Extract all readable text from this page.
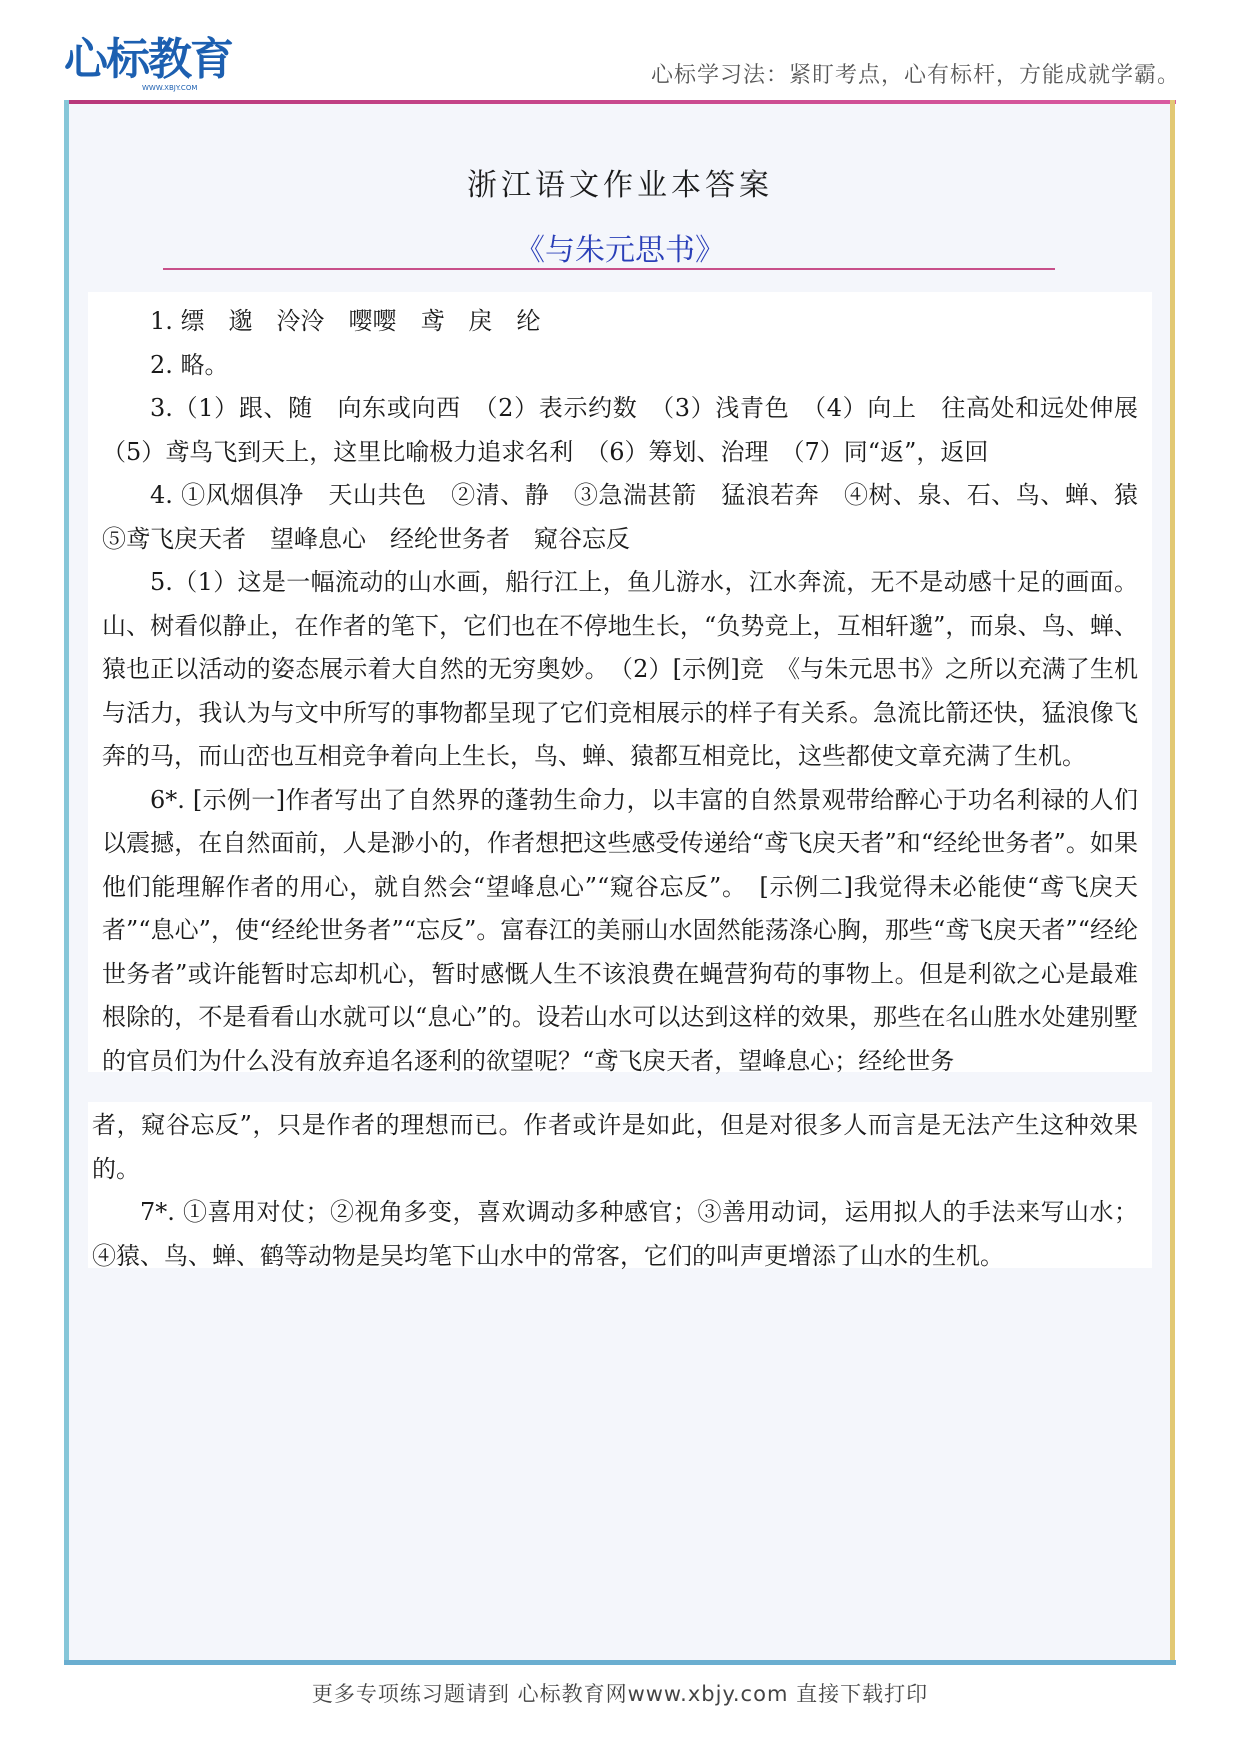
心标教育
WWW.XBJY.COM	心标学习法：紧盯考点，心有标杆，方能成就学霸。
浙江语文作业本答案
《与朱元思书》

1. 缥　邈　泠泠　嘤嘤　鸢　戾　纶

2. 略。

3.（1）跟、随　向东或向西　（2）表示约数　（3）浅青色　（4）向上　往高处和远处伸展　（5）鸢鸟飞到天上，这里比喻极力追求名利　（6）筹划、治理　（7）同“返”，返回

4. ①风烟俱净　天山共色　②清、静　③急湍甚箭　猛浪若奔　④树、泉、石、鸟、蝉、猿　⑤鸢飞戾天者　望峰息心　经纶世务者　窥谷忘反

5.（1）这是一幅流动的山水画，船行江上，鱼儿游水，江水奔流，无不是动感十足的画面。山、树看似静止，在作者的笔下，它们也在不停地生长，“负势竞上，互相轩邈”，而泉、鸟、蝉、猿也正以活动的姿态展示着大自然的无穷奥妙。　（2）[示例]竞　《与朱元思书》之所以充满了生机与活力，我认为与文中所写的事物都呈现了它们竞相展示的样子有关系。急流比箭还快，猛浪像飞奔的马，而山峦也互相竞争着向上生长，鸟、蝉、猿都互相竞比，这些都使文章充满了生机。

6*. [示例一]作者写出了自然界的蓬勃生命力，以丰富的自然景观带给醉心于功名利禄的人们以震撼，在自然面前，人是渺小的，作者想把这些感受传递给“鸢飞戾天者”和“经纶世务者”。如果他们能理解作者的用心，就自然会“望峰息心”“窥谷忘反”。　[示例二]我觉得未必能使“鸢飞戾天者”“息心”，使“经纶世务者”“忘反”。富春江的美丽山水固然能荡涤心胸，那些“鸢飞戾天者”“经纶世务者”或许能暂时忘却机心，暂时感慨人生不该浪费在蝇营狗苟的事物上。但是利欲之心是最难根除的，不是看看山水就可以“息心”的。设若山水可以达到这样的效果，那些在名山胜水处建别墅的官员们为什么没有放弃追名逐利的欲望呢？“鸢飞戾天者，望峰息心；经纶世务

者，窥谷忘反”，只是作者的理想而已。作者或许是如此，但是对很多人而言是无法产生这种效果的。

7*. ①喜用对仗；②视角多变，喜欢调动多种感官；③善用动词，运用拟人的手法来写山水；④猿、鸟、蝉、鹤等动物是吴均笔下山水中的常客，它们的叫声更增添了山水的生机。

更多专项练习题请到 心标教育网www.xbjy.com 直接下载打印
